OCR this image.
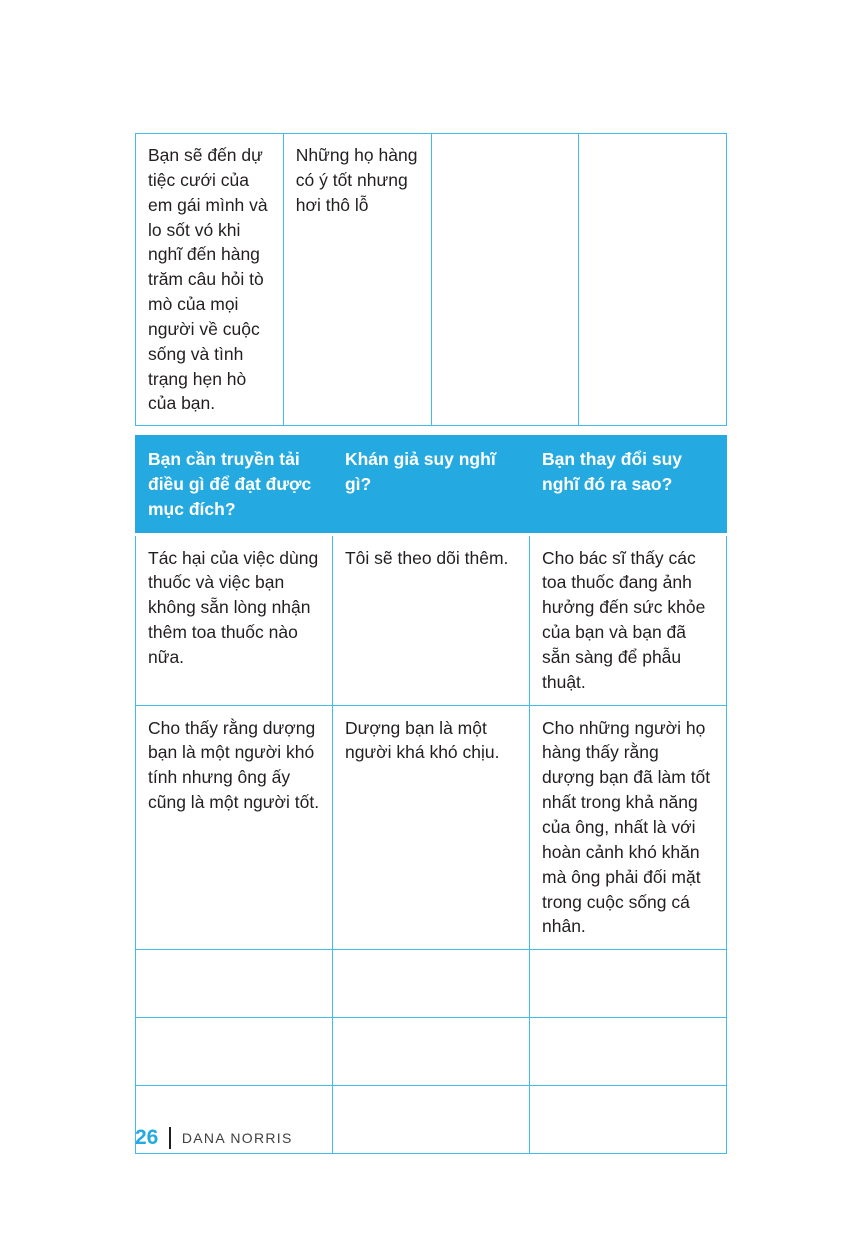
Bạn sẽ đến dự tiệc cưới của em gái mình và lo sốt vó khi nghĩ đến hàng trăm câu hỏi tò mò của mọi người về cuộc sống và tình trạng hẹn hò của bạn.	Những họ hàng có ý tốt nhưng hơi thô lỗ		
Bạn cần truyền tải điều gì để đạt được mục đích?	Khán giả suy nghĩ gì?	Bạn thay đổi suy nghĩ đó ra sao?
Tác hại của việc dùng thuốc và việc bạn không sẵn lòng nhận thêm toa thuốc nào nữa.	Tôi sẽ theo dõi thêm.	Cho bác sĩ thấy các toa thuốc đang ảnh hưởng đến sức khỏe của bạn và bạn đã sẵn sàng để phẫu thuật.
Cho thấy rằng dượng bạn là một người khó tính nhưng ông ấy cũng là một người tốt.	Dượng bạn là một người khá khó chịu.	Cho những người họ hàng thấy rằng dượng bạn đã làm tốt nhất trong khả năng của ông, nhất là với hoàn cảnh khó khăn mà ông phải đối mặt trong cuộc sống cá nhân.

26 DANA NORRIS
